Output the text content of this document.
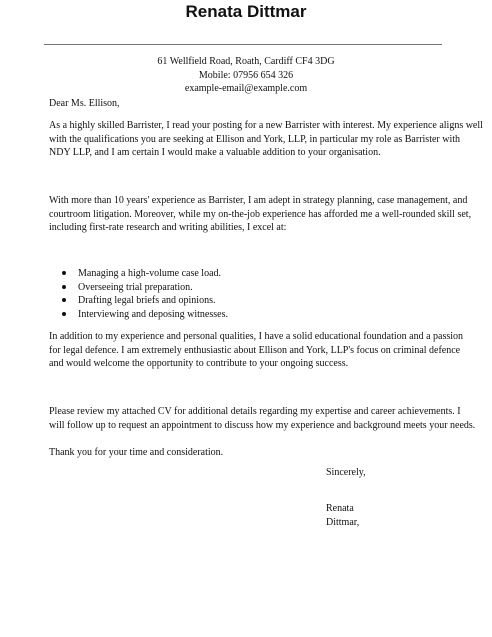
Renata Dittmar
61 Wellfield Road, Roath, Cardiff CF4 3DG
Mobile: 07956 654 326
example-email@example.com

Dear Ms. Ellison,

As a highly skilled Barrister, I read your posting for a new Barrister with interest. My experience aligns well

with the qualifications you are seeking at Ellison and York, LLP, in particular my role as Barrister with

NDY LLP, and I am certain I would make a valuable addition to your organisation.

With more than 10 years' experience as Barrister, I am adept in strategy planning, case management, and

courtroom litigation. Moreover, while my on-the-job experience has afforded me a well-rounded skill set,

including first-rate research and writing abilities, I excel at:

Managing a high-volume case load.
Overseeing trial preparation.
Drafting legal briefs and opinions.
Interviewing and deposing witnesses.

In addition to my experience and personal qualities, I have a solid educational foundation and a passion

for legal defence. I am extremely enthusiastic about Ellison and York, LLP's focus on criminal defence

and would welcome the opportunity to contribute to your ongoing success.

Please review my attached CV for additional details regarding my expertise and career achievements. I

will follow up to request an appointment to discuss how my experience and background meets your needs.

Thank you for your time and consideration.

Sincerely,
Renata
Dittmar,
